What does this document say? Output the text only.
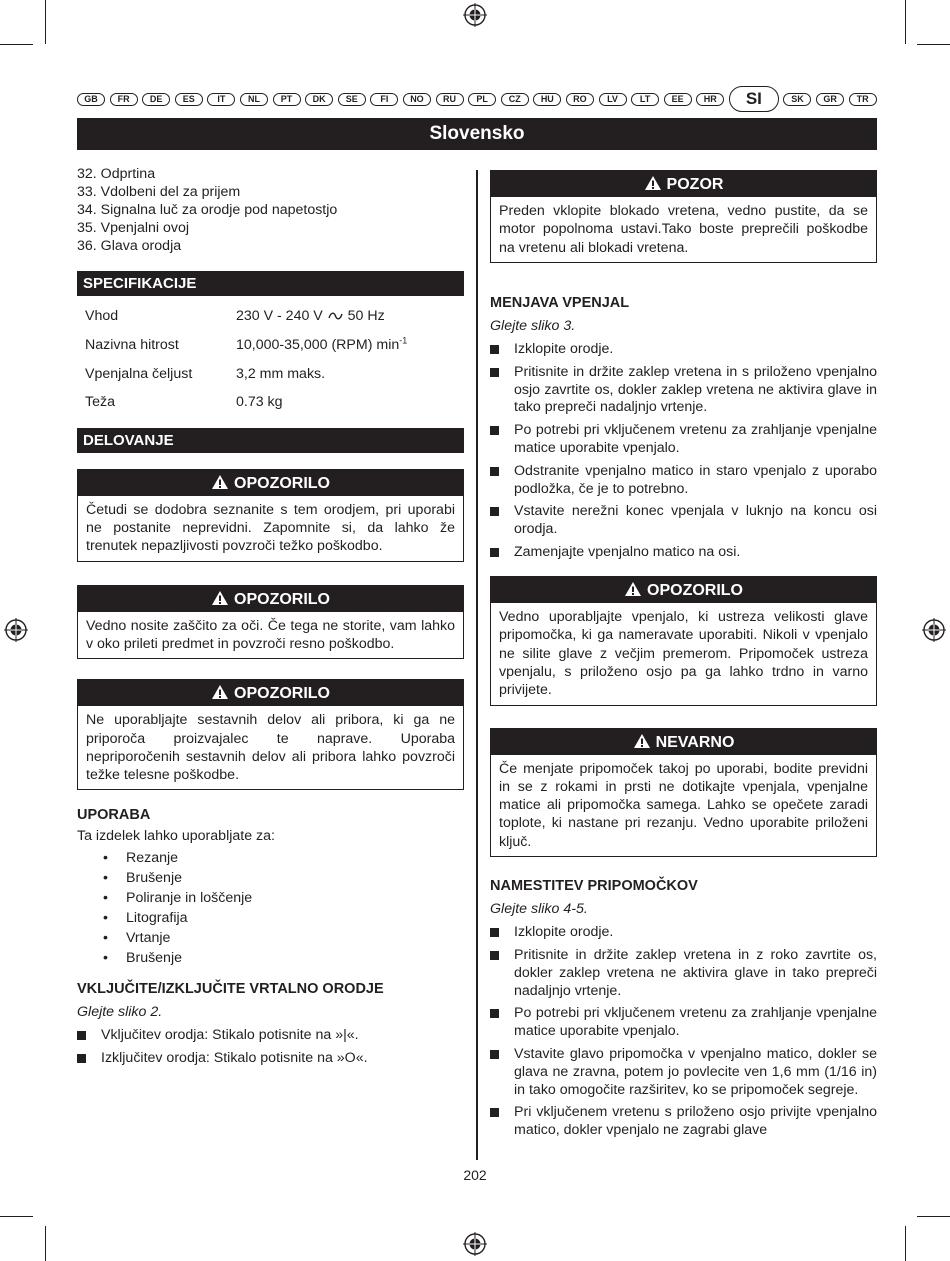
GB	FR	DE	ES	IT	NL	PT	DK	SE	FI	NO	RU	PL	CZ	HU	RO	LV	LT	EE	HR	SI	SK	GR	TR
Slovensko
32. Odprtina
33. Vdolbeni del za prijem
34. Signalna luč za orodje pod napetostjo
35. Vpenjalni ovoj
36. Glava orodja
SPECIFIKACIJE
Vhod	230 V - 240 V 50 Hz
Nazivna hitrost	10,000-35,000 (RPM) $\min^{-1}$
Vpenjalna čeljust	3,2 mm maks.
Teža	0.73 kg
DELOVANJE
OPOZORILO
Četudi se dodobra seznanite s tem orodjem, pri uporabi ne postanite neprevidni. Zapomnite si, da lahko že trenutek nepazljivosti povzroči težko poškodbo.
OPOZORILO
Vedno nosite zaščito za oči. Če tega ne storite, vam lahko v oko prileti predmet in povzroči resno poškodbo.
OPOZORILO
Ne uporabljajte sestavnih delov ali pribora, ki ga ne priporoča proizvajalec te naprave. Uporaba nepriporočenih sestavnih delov ali pribora lahko povzroči težke telesne poškodbe.
UPORABA
Ta izdelek lahko uporabljate za:
•	Rezanje
•	Brušenje
•	Poliranje in loščenje
•	Litografija
•	Vrtanje
•	Brušenje
VKLJUČITE/IZKLJUČITE VRTALNO ORODJE
Glejte sliko 2.
Vključitev orodja: Stikalo potisnite na »|«.
Izključitev orodja: Stikalo potisnite na »O«.
POZOR
Preden vklopite blokado vretena, vedno pustite, da se motor popolnoma ustavi.Tako boste preprečili poškodbe na vretenu ali blokadi vretena.
MENJAVA VPENJAL
Glejte sliko 3.
Izklopite orodje.
Pritisnite in držite zaklep vretena in s priloženo vpenjalno osjo zavrtite os, dokler zaklep vretena ne aktivira glave in tako prepreči nadaljnjo vrtenje.
Po potrebi pri vključenem vretenu za zrahljanje vpenjalne matice uporabite vpenjalo.
Odstranite vpenjalno matico in staro vpenjalo z uporabo podložka, če je to potrebno.
Vstavite nerežni konec vpenjala v luknjo na koncu osi orodja.
Zamenjajte vpenjalno matico na osi.
OPOZORILO
Vedno uporabljajte vpenjalo, ki ustreza velikosti glave pripomočka, ki ga nameravate uporabiti. Nikoli v vpenjalo ne silite glave z večjim premerom. Pripomoček ustreza vpenjalu, s priloženo osjo pa ga lahko trdno in varno privijete.
NEVARNO
Če menjate pripomoček takoj po uporabi, bodite previdni in se z rokami in prsti ne dotikajte vpenjala, vpenjalne matice ali pripomočka samega. Lahko se opečete zaradi toplote, ki nastane pri rezanju. Vedno uporabite priloženi ključ.
NAMESTITEV PRIPOMOČKOV
Glejte sliko 4-5.
Izklopite orodje.
Pritisnite in držite zaklep vretena in z roko zavrtite os, dokler zaklep vretena ne aktivira glave in tako prepreči nadaljnjo vrtenje.
Po potrebi pri vključenem vretenu za zrahljanje vpenjalne matice uporabite vpenjalo.
Vstavite glavo pripomočka v vpenjalno matico, dokler se glava ne zravna, potem jo povlecite ven 1,6 mm (1/16 in) in tako omogočite razširitev, ko se pripomoček segreje.
Pri vključenem vretenu s priloženo osjo privijte vpenjalno matico, dokler vpenjalo ne zagrabi glave
202
